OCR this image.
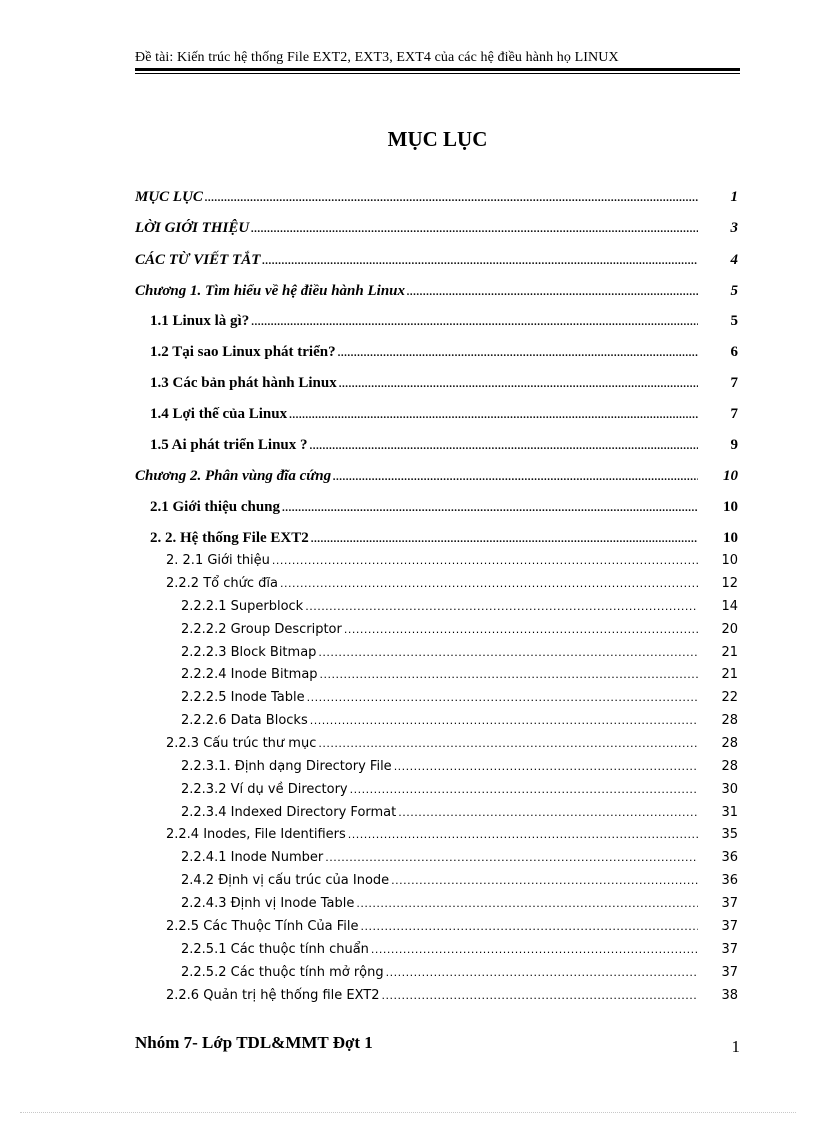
Đề tài: Kiến trúc hệ thống File EXT2, EXT3, EXT4 của các hệ điều hành họ LINUX
MỤC LỤC
MỤC LỤC .....	1
LỜI GIỚI THIỆU .....	3
CÁC TỪ VIẾT TẮT .....	4
Chương 1. Tìm hiểu về hệ điều hành Linux .....	5
1.1 Linux là gì? .....	5
1.2 Tại sao Linux phát triển? .....	6
1.3 Các bản phát hành Linux .....	7
1.4 Lợi thế của Linux .....	7
1.5 Ai phát triển Linux ? .....	9
Chương 2. Phân vùng đĩa cứng .....	10
2.1 Giới thiệu chung .....	10
2. 2. Hệ thống File EXT2 .....	10
2. 2.1 Giới thiệu .....	10
2.2.2 Tổ chức đĩa .....	12
2.2.2.1 Superblock .....	14
2.2.2.2 Group Descriptor .....	20
2.2.2.3 Block Bitmap .....	21
2.2.2.4 Inode Bitmap .....	21
2.2.2.5 Inode Table .....	22
2.2.2.6 Data Blocks .....	28
2.2.3 Cấu trúc thư mục .....	28
2.2.3.1. Định dạng Directory File .....	28
2.2.3.2 Ví dụ về Directory .....	30
2.2.3.4 Indexed Directory Format .....	31
2.2.4 Inodes, File Identifiers .....	35
2.2.4.1 Inode Number .....	36
2.4.2 Định vị cấu trúc của Inode .....	36
2.2.4.3 Định vị Inode Table .....	37
2.2.5 Các Thuộc Tính Của File .....	37
2.2.5.1 Các thuộc tính chuẩn .....	37
2.2.5.2 Các thuộc tính mở rộng .....	37
2.2.6 Quản trị hệ thống file EXT2 .....	38
Nhóm 7- Lớp TDL&MMT Đợt 1	1
